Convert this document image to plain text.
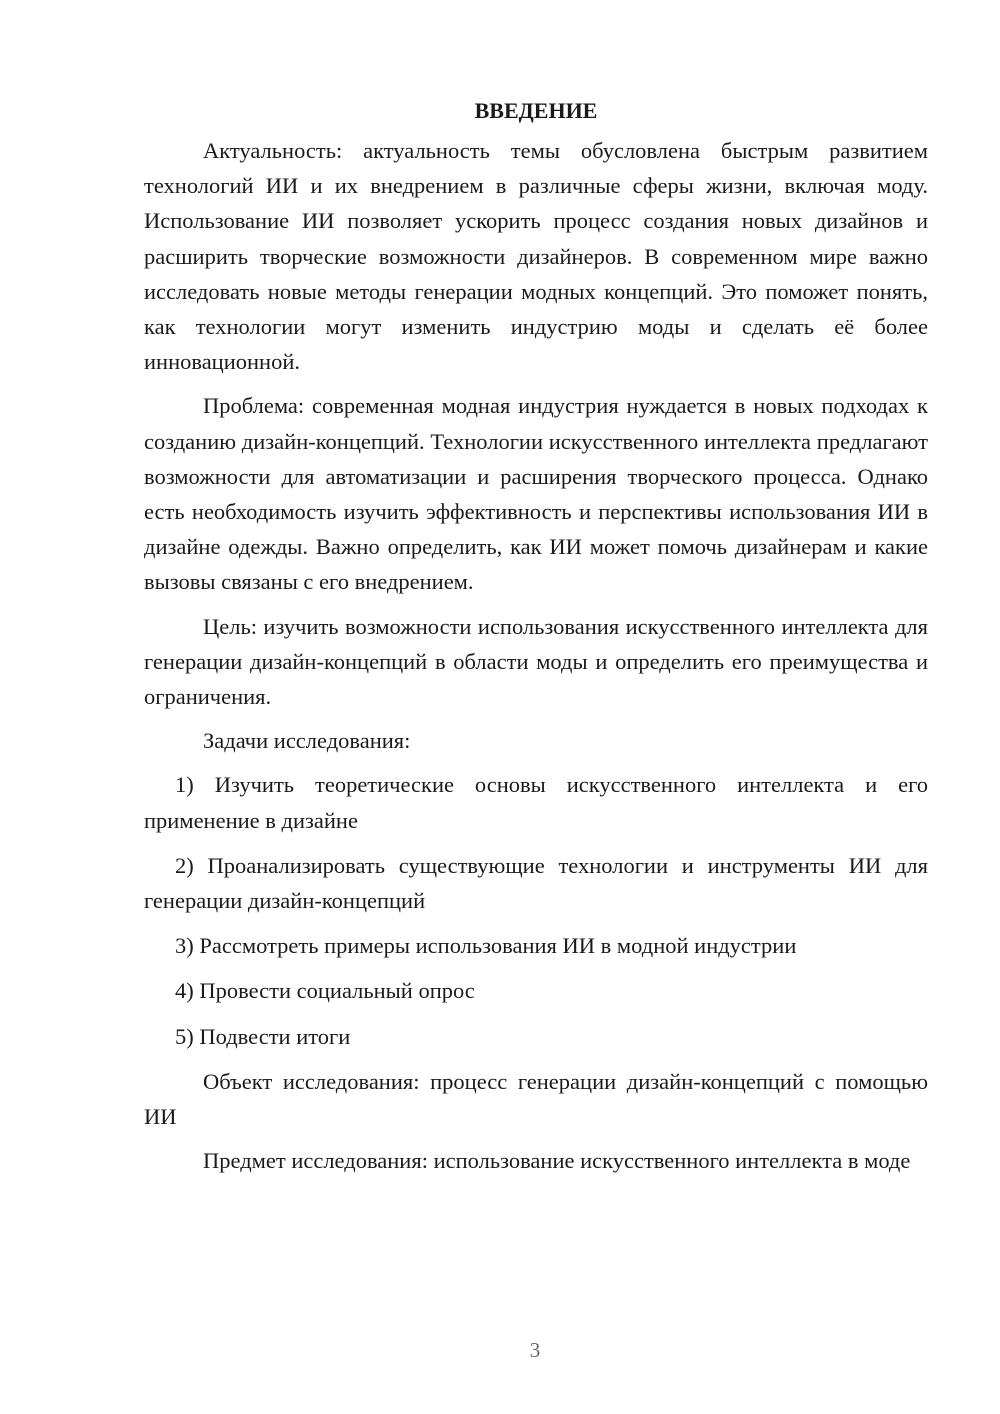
ВВЕДЕНИЕ

Актуальность: актуальность темы обусловлена быстрым развитием технологий ИИ и их внедрением в различные сферы жизни, включая моду. Использование ИИ позволяет ускорить процесс создания новых дизайнов и расширить творческие возможности дизайнеров. В современном мире важно исследовать новые методы генерации модных концепций. Это поможет понять, как технологии могут изменить индустрию моды и сделать её более инновационной.

Проблема: современная модная индустрия нуждается в новых подходах к созданию дизайн-концепций. Технологии искусственного интеллекта предлагают возможности для автоматизации и расширения творческого процесса. Однако есть необходимость изучить эффективность и перспективы использования ИИ в дизайне одежды. Важно определить, как ИИ может помочь дизайнерам и какие вызовы связаны с его внедрением.

Цель: изучить возможности использования искусственного интеллекта для генерации дизайн-концепций в области моды и определить его преимущества и ограничения.

Задачи исследования:

1) Изучить теоретические основы искусственного интеллекта и его применение в дизайне

2) Проанализировать существующие технологии и инструменты ИИ для генерации дизайн-концепций

3) Рассмотреть примеры использования ИИ в модной индустрии

4) Провести социальный опрос

5) Подвести итоги

Объект исследования: процесс генерации дизайн-концепций с помощью ИИ

Предмет исследования: использование искусственного интеллекта в моде

3
